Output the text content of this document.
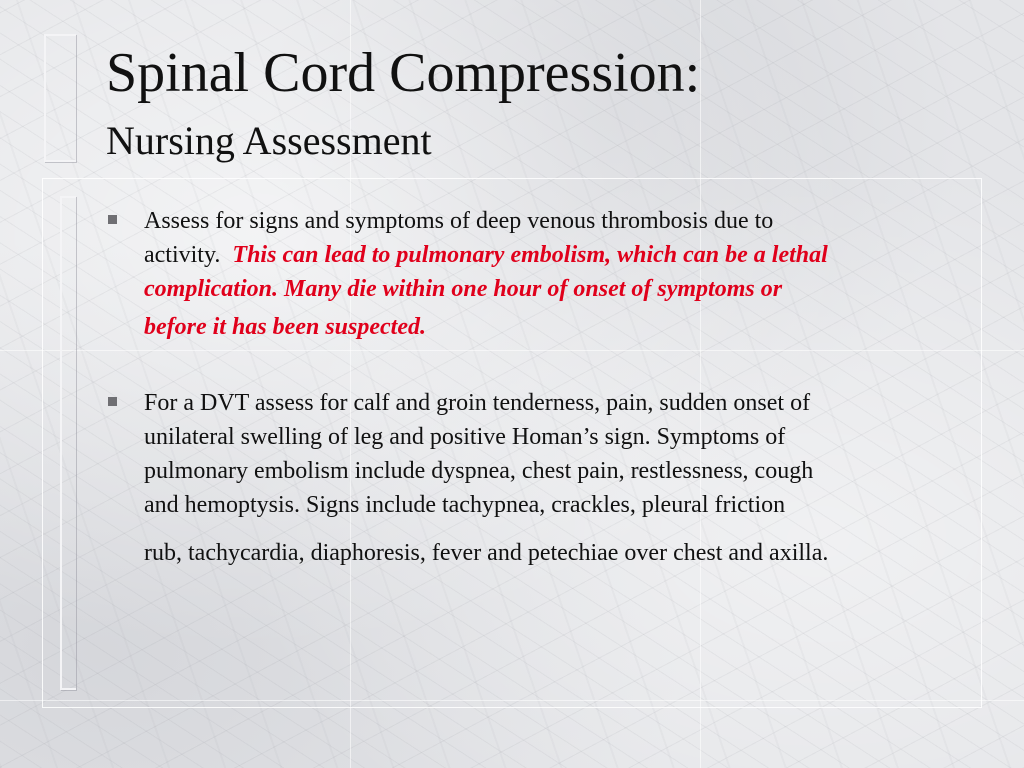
Spinal Cord Compression:
Nursing Assessment
Assess for signs and symptoms of deep venous thrombosis due to
activity. This can lead to pulmonary embolism, which can be a lethal
complication. Many die within one hour of onset of symptoms or
before it has been suspected.
For a DVT assess for calf and groin tenderness, pain, sudden onset of
unilateral swelling of leg and positive Homan’s sign. Symptoms of
pulmonary embolism include dyspnea, chest pain, restlessness, cough
and hemoptysis. Signs include tachypnea, crackles, pleural friction
rub, tachycardia, diaphoresis, fever and petechiae over chest and axilla.
